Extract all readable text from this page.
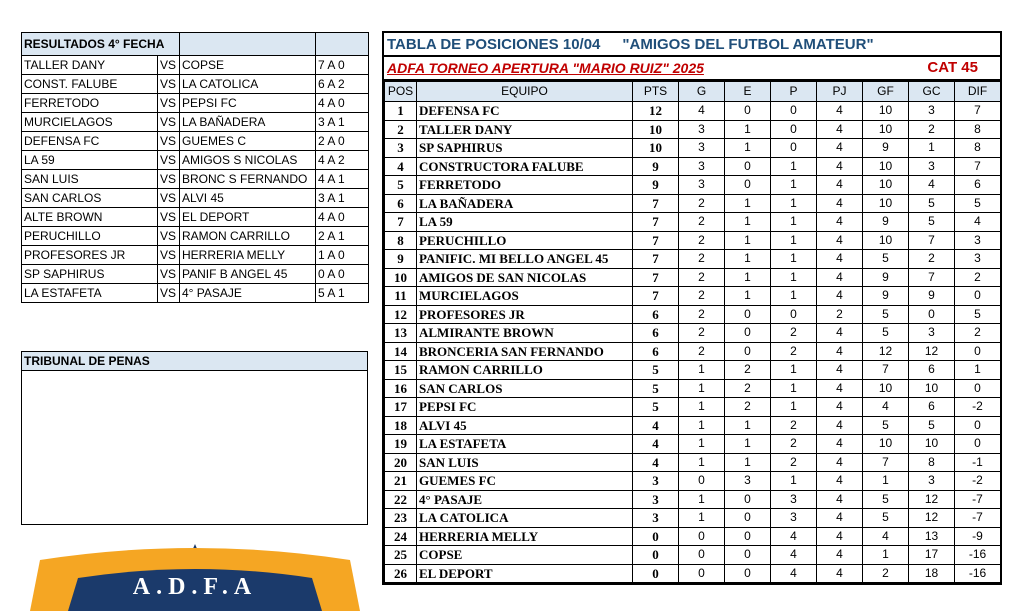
RESULTADOS 4° FECHA			
TALLER DANY	VS	COPSE	7 A 0
CONST. FALUBE	VS	LA CATOLICA	6 A 2
FERRETODO	VS	PEPSI FC	4 A 0
MURCIELAGOS	VS	LA BAÑADERA	3 A 1
DEFENSA FC	VS	GUEMES C	2 A 0
LA 59	VS	AMIGOS S NICOLAS	4 A 2
SAN LUIS	VS	BRONC S FERNANDO	4 A 1
SAN CARLOS	VS	ALVI 45	3 A 1
ALTE BROWN	VS	EL DEPORT	4 A 0
PERUCHILLO	VS	RAMON CARRILLO	2 A 1
PROFESORES JR	VS	HERRERIA MELLY	1 A 0
SP SAPHIRUS	VS	PANIF B ANGEL 45	0 A 0
LA ESTAFETA	VS	4° PASAJE	5 A 1
TRIBUNAL DE PENAS
A.D.F.A
TABLA DE POSICIONES 10/04 "AMIGOS DEL FUTBOL AMATEUR"
ADFA TORNEO APERTURA "MARIO RUIZ" 2025	CAT 45
POS	EQUIPO	PTS	G	E	P	PJ	GF	GC	DIF
1	DEFENSA FC	12	4	0	0	4	10	3	7
2	TALLER DANY	10	3	1	0	4	10	2	8
3	SP SAPHIRUS	10	3	1	0	4	9	1	8
4	CONSTRUCTORA FALUBE	9	3	0	1	4	10	3	7
5	FERRETODO	9	3	0	1	4	10	4	6
6	LA BAÑADERA	7	2	1	1	4	10	5	5
7	LA 59	7	2	1	1	4	9	5	4
8	PERUCHILLO	7	2	1	1	4	10	7	3
9	PANIFIC. MI BELLO ANGEL 45	7	2	1	1	4	5	2	3
10	AMIGOS DE SAN NICOLAS	7	2	1	1	4	9	7	2
11	MURCIELAGOS	7	2	1	1	4	9	9	0
12	PROFESORES JR	6	2	0	0	2	5	0	5
13	ALMIRANTE BROWN	6	2	0	2	4	5	3	2
14	BRONCERIA SAN FERNANDO	6	2	0	2	4	12	12	0
15	RAMON CARRILLO	5	1	2	1	4	7	6	1
16	SAN CARLOS	5	1	2	1	4	10	10	0
17	PEPSI FC	5	1	2	1	4	4	6	-2
18	ALVI 45	4	1	1	2	4	5	5	0
19	LA ESTAFETA	4	1	1	2	4	10	10	0
20	SAN LUIS	4	1	1	2	4	7	8	-1
21	GUEMES FC	3	0	3	1	4	1	3	-2
22	4° PASAJE	3	1	0	3	4	5	12	-7
23	LA CATOLICA	3	1	0	3	4	5	12	-7
24	HERRERIA MELLY	0	0	0	4	4	4	13	-9
25	COPSE	0	0	0	4	4	1	17	-16
26	EL DEPORT	0	0	0	4	4	2	18	-16
